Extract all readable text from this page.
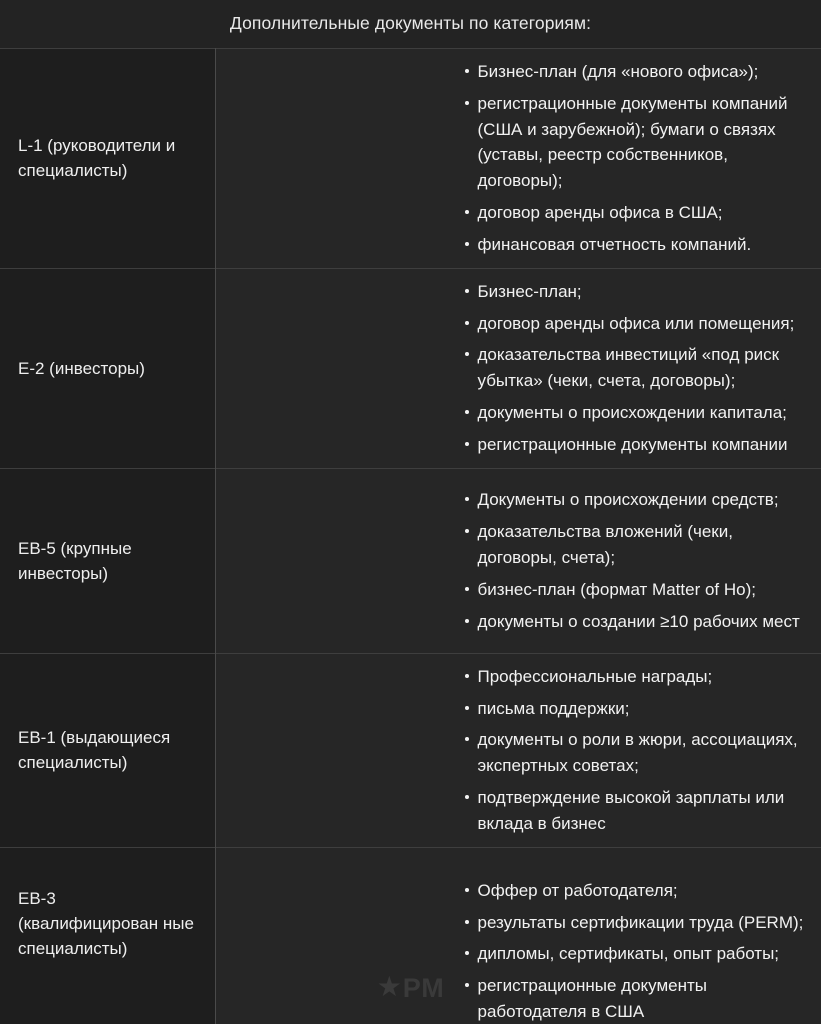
Дополнительные документы по категориям:
L-1 (руководители и специалисты)	
Бизнес-план (для «нового офиса»);
регистрационные документы компаний (США и зарубежной); бумаги о связях (уставы, реестр собственников, договоры);
договор аренды офиса в США;
финансовая отчетность компаний.

E-2 (инвесторы)	
Бизнес-план;
договор аренды офиса или помещения;
доказательства инвестиций «под риск убытка» (чеки, счета, договоры);
документы о происхождении капитала;
регистрационные документы компании

EB-5 (крупные инвесторы)	
Документы о происхождении средств;
доказательства вложений (чеки, договоры, счета);
бизнес-план (формат Matter of Ho);
документы о создании ≥10 рабочих мест

EB-1 (выдающиеся специалисты)	
Профессиональные награды;
письма поддержки;
документы о роли в жюри, ассоциациях, экспертных советах;
подтверждение высокой зарплаты или вклада в бизнес

EB-3 (квалифицирован ные специалисты)	
Оффер от работодателя;
результаты сертификации труда (PERM);
дипломы, сертификаты, опыт работы;
регистрационные документы работодателя в США
★ PM
